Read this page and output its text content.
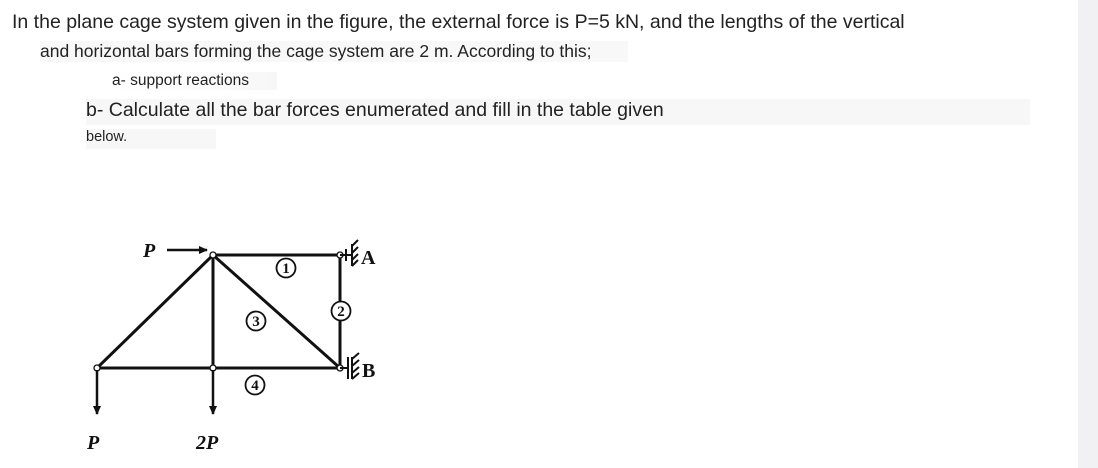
In the plane cage system given in the figure, the external force is P=5 kN, and the lengths of the vertical
and horizontal bars forming the cage system are 2 m. According to this;
a- support reactions
b- Calculate all the bar forces enumerated and fill in the table given
below.
P
P	2P
A
B
1
2
3
4
